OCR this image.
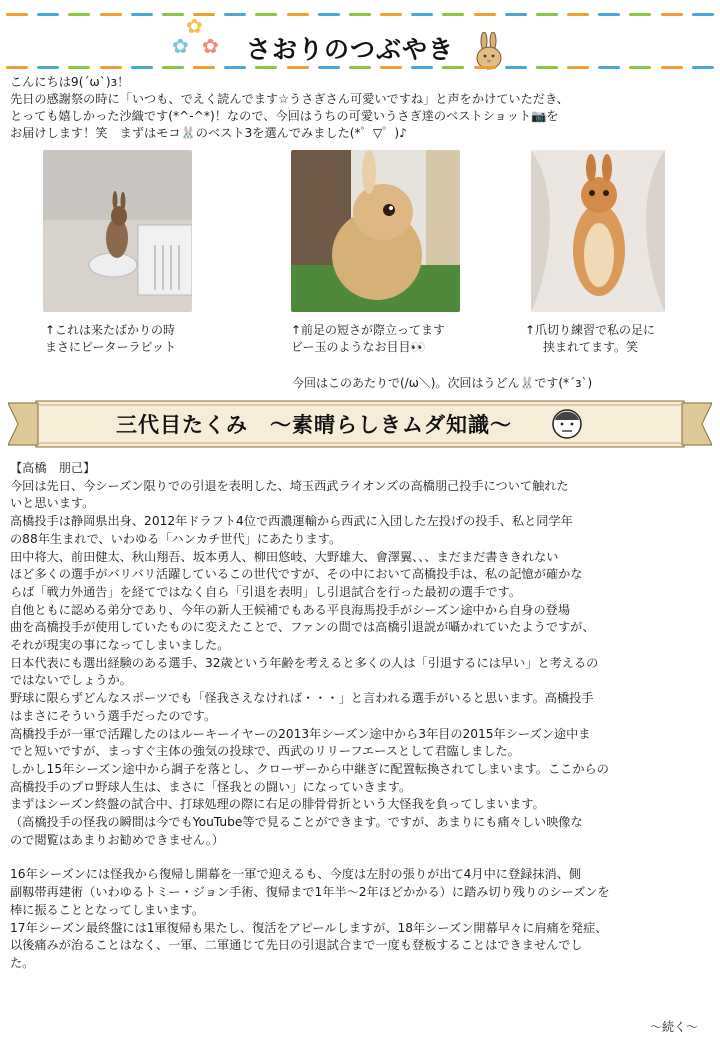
✿
✿ ✿ さおりのつぶやき

こんにちは9(´ω`)з！

先日の感謝祭の時に「いつも、でえく読んでます☆うさぎさん可愛いですね」と声をかけていただき、

とっても嬉しかった沙織です(*^-^*)！なので、今回はうちの可愛いうさぎ達のベストショット📷を

お届けします！笑　まずはモコ🐰のベスト3を選んでみました(*゜▽゜)♪

↑これは来たばかりの時
まさにピーターラビット
↑前足の短さが際立ってます
ビー玉のようなお目目👀
↑爪切り練習で私の足に
挟まれてます。笑
今回はこのあたりで(/ω＼)。次回はうどん🐰です(*´з`)
三代目たくみ　～素晴らしきムダ知識～

【高橋　朋己】

今回は先日、今シーズン限りでの引退を表明した、埼玉西武ライオンズの高橋朋己投手について触れた

いと思います。

高橋投手は静岡県出身、2012年ドラフト4位で西濃運輸から西武に入団した左投げの投手、私と同学年

の88年生まれで、いわゆる「ハンカチ世代」にあたります。

田中将大、前田健太、秋山翔吾、坂本勇人、柳田悠岐、大野雄大、會澤翼、、、まだまだ書ききれない

ほど多くの選手がバリバリ活躍しているこの世代ですが、その中において高橋投手は、私の記憶が確かな

らば「戦力外通告」を経てではなく自ら「引退を表明」し引退試合を行った最初の選手です。

自他ともに認める弟分であり、今年の新人王候補でもある平良海馬投手がシーズン途中から自身の登場

曲を高橋投手が使用していたものに変えたことで、ファンの間では高橋引退説が囁かれていたようですが、

それが現実の事になってしまいました。

日本代表にも選出経験のある選手、32歳という年齢を考えると多くの人は「引退するには早い」と考えるの

ではないでしょうか。

野球に限らずどんなスポーツでも「怪我さえなければ・・・」と言われる選手がいると思います。高橋投手

はまさにそういう選手だったのです。

高橋投手が一軍で活躍したのはルーキーイヤーの2013年シーズン途中から3年目の2015年シーズン途中ま

でと短いですが、まっすぐ主体の強気の投球で、西武のリリーフエースとして君臨しました。

しかし15年シーズン途中から調子を落とし、クローザーから中継ぎに配置転換されてしまいます。ここからの

高橋投手のプロ野球人生は、まさに「怪我との闘い」になっていきます。

まずはシーズン終盤の試合中、打球処理の際に右足の腓骨骨折という大怪我を負ってしまいます。

（高橋投手の怪我の瞬間は今でもYouTube等で見ることができます。ですが、あまりにも痛々しい映像な

ので閲覧はあまりお勧めできません。）

16年シーズンには怪我から復帰し開幕を一軍で迎えるも、今度は左肘の張りが出て4月中に登録抹消、側

副靱帯再建術（いわゆるトミー・ジョン手術、復帰まで1年半～2年ほどかかる）に踏み切り残りのシーズンを

棒に振ることとなってしまいます。

17年シーズン最終盤には1軍復帰も果たし、復活をアピールしますが、18年シーズン開幕早々に肩痛を発症、

以後痛みが治ることはなく、一軍、二軍通じて先日の引退試合まで一度も登板することはできませんでし

た。

～続く～
